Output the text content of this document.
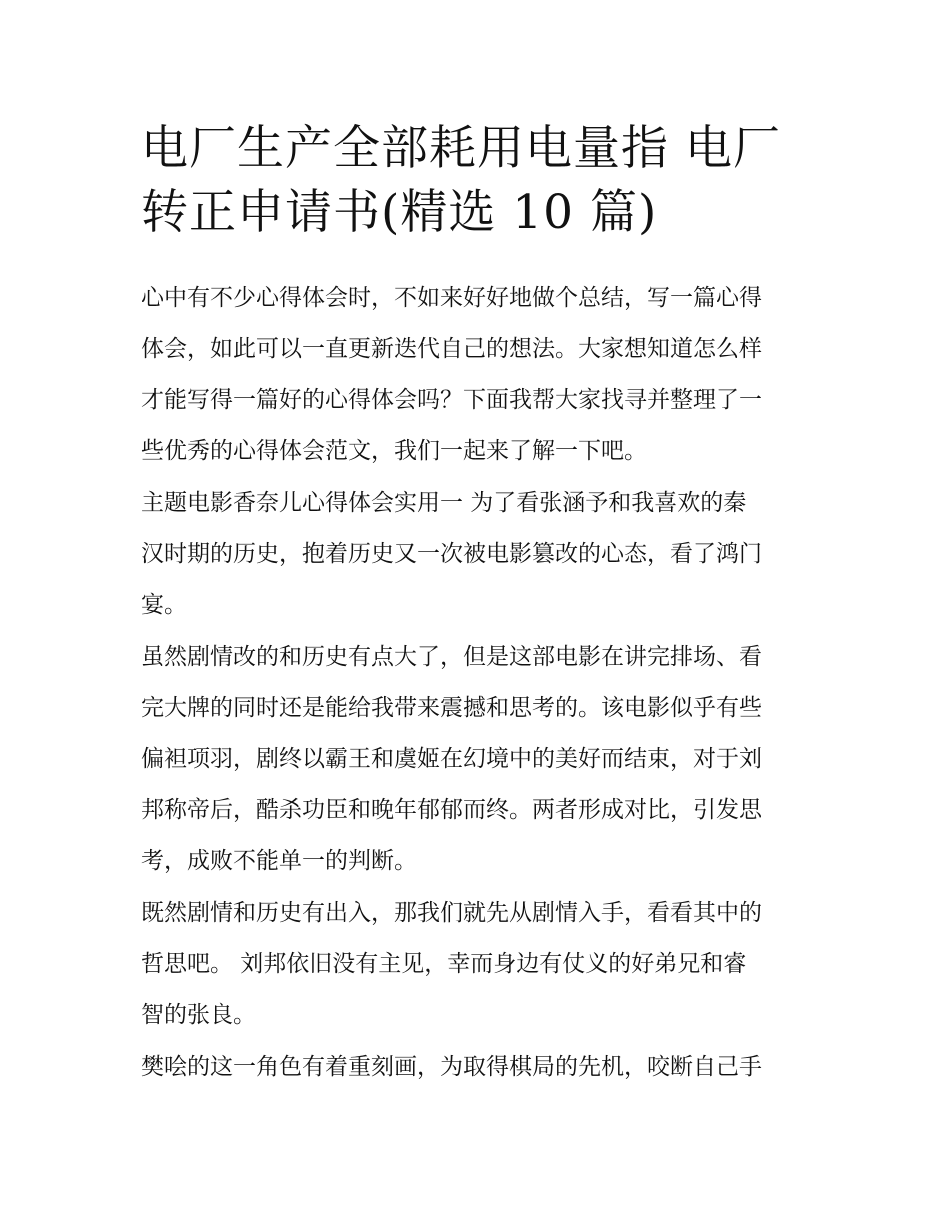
电厂生产全部耗用电量指 电厂
转正申请书(精选 10 篇)

心中有不少心得体会时，不如来好好地做个总结，写一篇心得
体会，如此可以一直更新迭代自己的想法。大家想知道怎么样
才能写得一篇好的心得体会吗？下面我帮大家找寻并整理了一
些优秀的心得体会范文，我们一起来了解一下吧。

主题电影香奈儿心得体会实用一 为了看张涵予和我喜欢的秦
汉时期的历史，抱着历史又一次被电影篡改的心态，看了鸿门
宴。

虽然剧情改的和历史有点大了，但是这部电影在讲完排场、看
完大牌的同时还是能给我带来震撼和思考的。该电影似乎有些
偏袒项羽，剧终以霸王和虞姬在幻境中的美好而结束，对于刘
邦称帝后，酷杀功臣和晚年郁郁而终。两者形成对比，引发思
考，成败不能单一的判断。

既然剧情和历史有出入，那我们就先从剧情入手，看看其中的
哲思吧。 刘邦依旧没有主见，幸而身边有仗义的好弟兄和睿
智的张良。

樊哙的这一角色有着重刻画，为取得棋局的先机，咬断自己手
